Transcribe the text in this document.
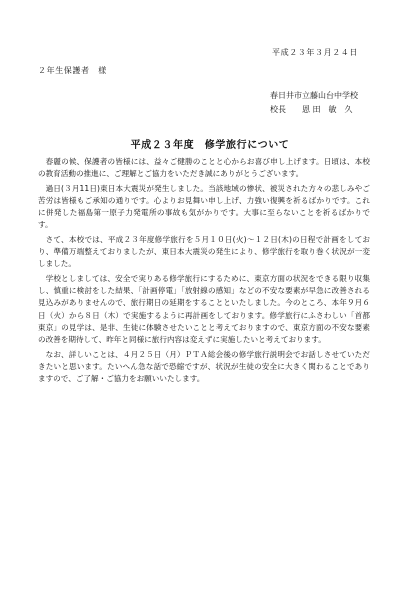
平成２３年３月２４日
２年生保護者　様
春日井市立藤山台中学校
校長　　恩 田　敏　久
平成２３年度　修学旅行について

春麗の候、保護者の皆様には、益々ご健勝のことと心からお喜び申し上げます。日頃は、本校の教育活動の推進に、ご理解とご協力をいただき誠にありがとうございます。

過日(３月11日)東日本大震災が発生しました。当該地域の惨状、被災された方々の悲しみやご苦労は皆様もご承知の通りです。心よりお見舞い申し上げ、力強い復興を祈るばかりです。これに併発した福島第一原子力発電所の事故も気がかりです。大事に至らないことを祈るばかりです。

さて、本校では、平成２３年度修学旅行を５月１０日(火)〜１２日(木)の日程で計画をしており、準備万端整えておりましたが、東日本大震災の発生により、修学旅行を取り巻く状況が一変しました。

学校としましては、安全で実りある修学旅行にするために、東京方面の状況をできる限り収集し、慎重に検討をした結果、「計画停電」「放射線の感知」などの不安な要素が早急に改善される見込みがありませんので、旅行期日の延期をすることといたしました。今のところ、本年９月６日（火）から８日（木）で実施するように再計画をしております。修学旅行にふさわしい「首都東京」の見学は、是非、生徒に体験させたいことと考えておりますので、東京方面の不安な要素の改善を期待して、昨年と同様に旅行内容は変えずに実施したいと考えております。

なお、詳しいことは、４月２５日（月）ＰＴＡ総会後の修学旅行説明会でお話しさせていただきたいと思います。たいへん急な話で恐縮ですが、状況が生徒の安全に大きく関わることでありますので、ご了解・ご協力をお願いいたします。
